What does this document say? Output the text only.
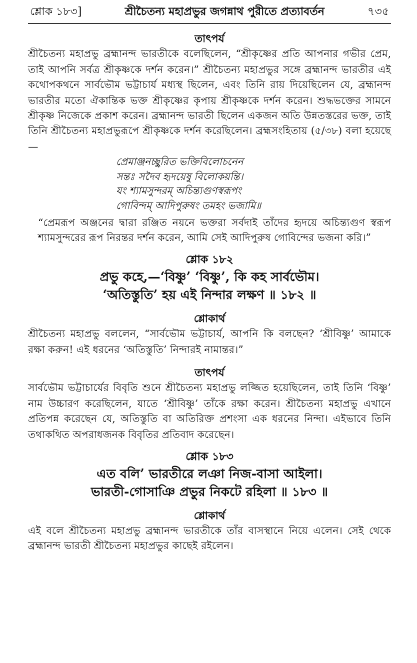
শ্লোক ১৮৩]	শ্রীচৈতন্য মহাপ্রভুর জগন্নাথ পুরীতে প্রত্যাবর্তন	৭৩৫
তাৎপর্য

শ্রীচৈতন্য মহাপ্রভু ব্রহ্মানন্দ ভারতীকে বলেছিলেন, “শ্রীকৃষ্ণের প্রতি আপনার গভীর প্রেম, তাই আপনি সর্বত্র শ্রীকৃষ্ণকে দর্শন করেন।” শ্রীচৈতন্য মহাপ্রভুর সঙ্গে ব্রহ্মানন্দ ভারতীর এই কথোপকথনে সার্বভৌম ভট্টাচার্য মধ্যস্থ ছিলেন, এবং তিনি রায় দিয়েছিলেন যে, ব্রহ্মানন্দ ভারতীর মতো ঐকান্তিক ভক্ত শ্রীকৃষ্ণের কৃপায় শ্রীকৃষ্ণকে দর্শন করেন। শুদ্ধভক্তের সামনে শ্রীকৃষ্ণ নিজেকে প্রকাশ করেন। ব্রহ্মানন্দ ভারতী ছিলেন একজন অতি উন্নতস্তরের ভক্ত, তাই তিনি শ্রীচৈতন্য মহাপ্রভুরূপে শ্রীকৃষ্ণকে দর্শন করেছিলেন। ব্রহ্মসংহিতায় (৫/৩৮) বলা হয়েছে—

প্রেমাঞ্জনচ্ছুরিত ভক্তিবিলোচনেন
সন্তঃ সদৈব হৃদয়েষু বিলোকয়ন্তি।
যং শ্যামসুন্দরম্ অচিন্ত্যগুণস্বরূপং
গোবিন্দম্ আদিপুরুষং তমহং ভজামি॥

“প্রেমরূপ অঞ্জনের দ্বারা রঞ্জিত নয়নে ভক্তরা সর্বদাই তাঁদের হৃদয়ে অচিন্ত্যগুণ স্বরূপ শ্যামসুন্দরের রূপ নিরন্তর দর্শন করেন, আমি সেই আদিপুরুষ গোবিন্দের ভজনা করি।”

শ্লোক ১৮২
প্রভু কহে,—‘বিষ্ণু’ ‘বিষ্ণু’, কি কহ সার্বভৌম।
‘অতিস্তুতি’ হয় এই নিন্দার লক্ষণ ॥ ১৮২ ॥
শ্লোকার্থ

শ্রীচৈতন্য মহাপ্রভু বললেন, “সার্বভৌম ভট্টাচার্য, আপনি কি বলছেন? ‘শ্রীবিষ্ণু’ আমাকে রক্ষা করুন! এই ধরনের ‘অতিস্তুতি’ নিন্দারই নামান্তর।”

তাৎপর্য

সার্বভৌম ভট্টাচার্যের বিবৃতি শুনে শ্রীচৈতন্য মহাপ্রভু লজ্জিত হয়েছিলেন, তাই তিনি ‘বিষ্ণু’ নাম উচ্চারণ করেছিলেন, যাতে ‘শ্রীবিষ্ণু’ তাঁকে রক্ষা করেন। শ্রীচৈতন্য মহাপ্রভু এখানে প্রতিপন্ন করেছেন যে, অতিস্তুতি বা অতিরিক্ত প্রশংসা এক ধরনের নিন্দা। এইভাবে তিনি তথাকথিত অপরাধজনক বিবৃতির প্রতিবাদ করেছেন।

শ্লোক ১৮৩
এত বলি’ ভারতীরে লঞা নিজ-বাসা আইলা।
ভারতী-গোসাঞি প্রভুর নিকটে রহিলা ॥ ১৮৩ ॥
শ্লোকার্থ

এই বলে শ্রীচৈতন্য মহাপ্রভু ব্রহ্মানন্দ ভারতীকে তাঁর বাসস্থানে নিয়ে এলেন। সেই থেকে ব্রহ্মানন্দ ভারতী শ্রীচৈতন্য মহাপ্রভুর কাছেই রইলেন।
